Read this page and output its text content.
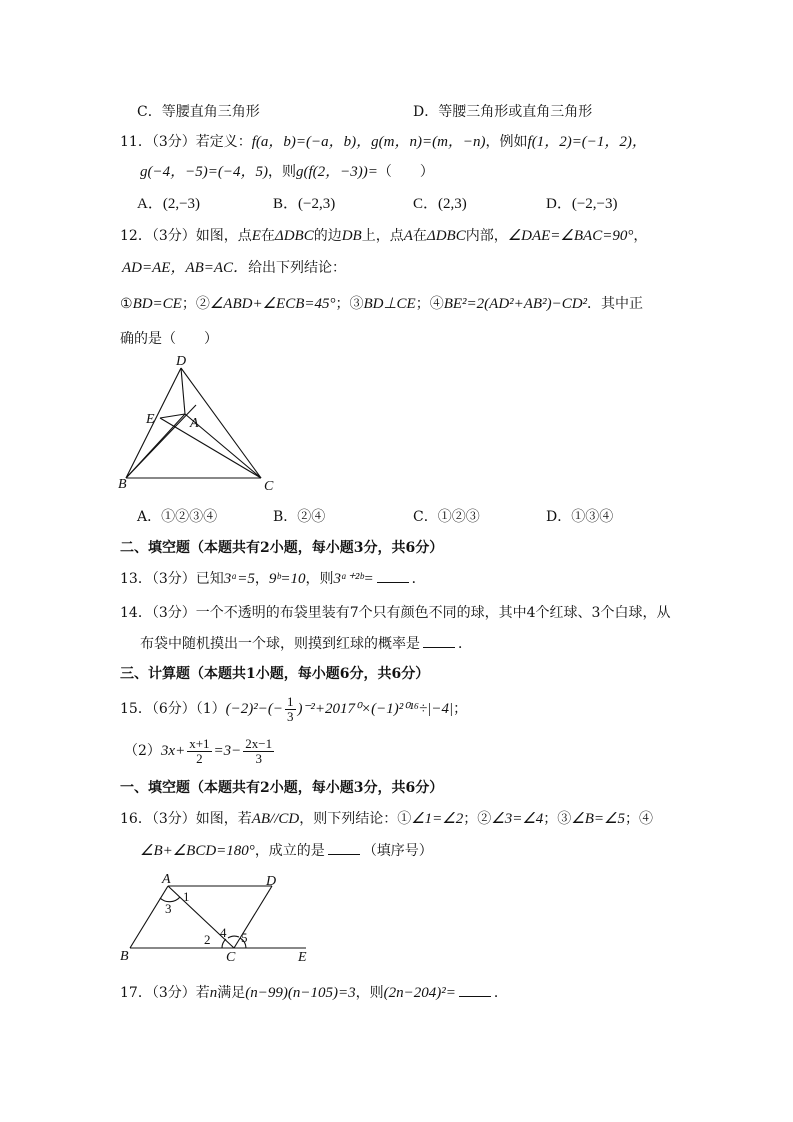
C．等腰直角三角形	D．等腰三角形或直角三角形
11．（3分）若定义：f(a，b)=(−a，b)，g(m，n)=(m，−n)，例如f(1，2)=(−1，2)，
g(−4，−5)=(−4，5)，则g(f(2，−3))=（　　）
A．(2,−3)	B．(−2,3)	C．(2,3)	D．(−2,−3)
12．（3分）如图，点E在ΔDBC的边DB上，点A在ΔDBC内部，∠DAE=∠BAC=90°，
AD=AE，AB=AC．给出下列结论：
①BD=CE；②∠ABD+∠ECB=45°；③BD⊥CE；④BE²=2(AD²+AB²)−CD²．其中正
确的是（　　）
D
E	A
B	C
A．①②③④	B．②④	C．①②③	D．①③④
二、填空题（本题共有2小题，每小题3分，共6分）
13．（3分）已知3ᵃ=5，9ᵇ=10，则3ᵃ⁺²ᵇ=	．
14．（3分）一个不透明的布袋里装有7个只有颜色不同的球，其中4个红球、3个白球，从
布袋中随机摸出一个球，则摸到红球的概率是	．
三、计算题（本题共1小题，每小题6分，共6分）
15．（6分）$(1)(-2)^2-(- \frac{1}{3} )^{-2}+2017^0\times(-1)^{2016}\div|-4|$；
$(2)3x+ \frac{x+1}{2} =3- \frac{2x-1}{3}$
一、填空题（本题共有2小题，每小题3分，共6分）
16．（3分）如图，若AB//CD，则下列结论：①∠1=∠2；②∠3=∠4；③∠B=∠5；④
∠B+∠BCD=180°，成立的是	（填序号）
A	D
B	C	E
1
3
2 4 5
17．（3分）若n满足(n−99)(n−105)=3，则(2n−204)²=	．
